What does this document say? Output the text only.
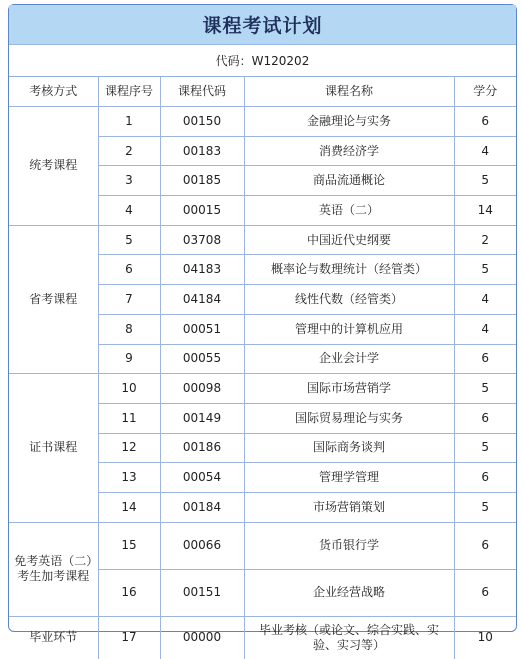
课程考试计划
代码：W120202
考核方式	课程序号	课程代码	课程名称	学分
统考课程	1	00150	金融理论与实务	6
	2	00183	消费经济学	4
	3	00185	商品流通概论	5
	4	00015	英语（二）	14
省考课程	5	03708	中国近代史纲要	2
	6	04183	概率论与数理统计（经管类）	5
	7	04184	线性代数（经管类）	4
	8	00051	管理中的计算机应用	4
	9	00055	企业会计学	6
证书课程	10	00098	国际市场营销学	5
	11	00149	国际贸易理论与实务	6
	12	00186	国际商务谈判	5
	13	00054	管理学管理	6
	14	00184	市场营销策划	5
免考英语（二）考生加考课程	15	00066	货币银行学	6
	16	00151	企业经营战略	6
毕业环节	17	00000	毕业考核（或论文、综合实践、实验、实习等）	10
